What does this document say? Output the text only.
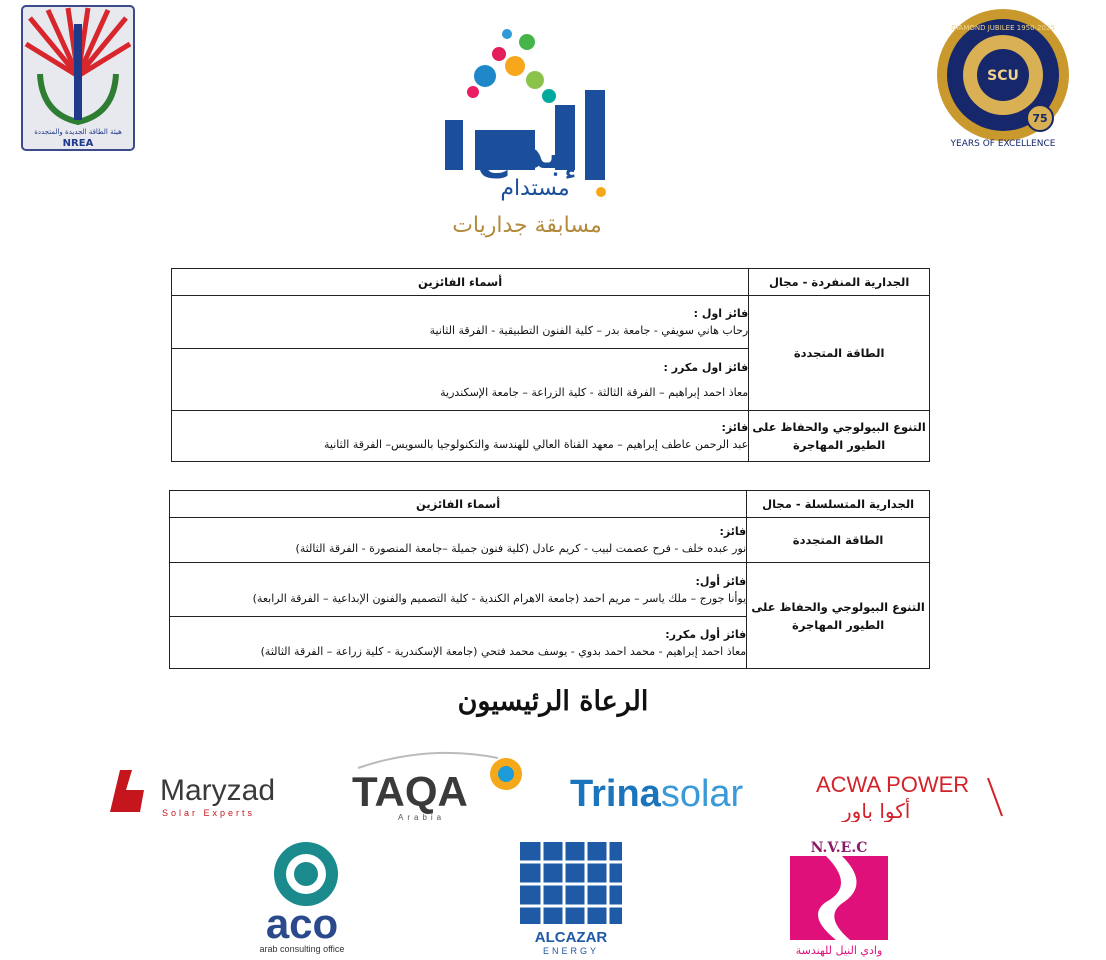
هيئة الطاقة الجديدة والمتجددة
NREA	إبداع
مستدام
مسابقة جداريات
SCU
DIAMOND JUBILEE 1950-2025
75
YEARS OF EXCELLENCE
الجدارية المنفردة - مجال	أسماء الفائزين
الطاقة المتجددة	فائز اول :
رحاب هاني سويفي - جامعة بدر – كلية الفنون التطبيقية - الفرقة الثانية

	فائز اول مكرر :
معاذ احمد إبراهيم – الفرقة الثالثة - كلية الزراعة – جامعة الإسكندرية

التنوع البيولوجي والحفاظ على الطيور المهاجرة	فائز:
عبد الرحمن عاطف إبراهيم – معهد القناة العالي للهندسة والتكنولوجيا بالسويس– الفرقة الثانية
الجدارية المتسلسلة - مجال	أسماء الفائزين
الطاقة المتجددة	فائز:
نور عبده خلف - فرح عصمت لبيب - كريم عادل (كلية فنون جميلة –جامعة المنصورة - الفرقة الثالثة)

التنوع البيولوجي والحفاظ على الطيور المهاجرة	فائز أول:
يوأنا جورج – ملك ياسر – مريم احمد (جامعة الاهرام الكندية - كلية التصميم والفنون الإبداعية – الفرقة الرابعة)

	فائز أول مكرر:
معاذ احمد إبراهيم - محمد احمد بدوي - يوسف محمد فتحي (جامعة الإسكندرية - كلية زراعة – الفرقة الثالثة)
الرعاة الرئيسيون
Maryzad
Solar Experts TAQA
Arabia
Trinasolar	ACWA POWER
أكوا باور
aco
arab consulting office
ALCAZAR
ENERGY
N.V.E.C
وادي النيل للهندسة
